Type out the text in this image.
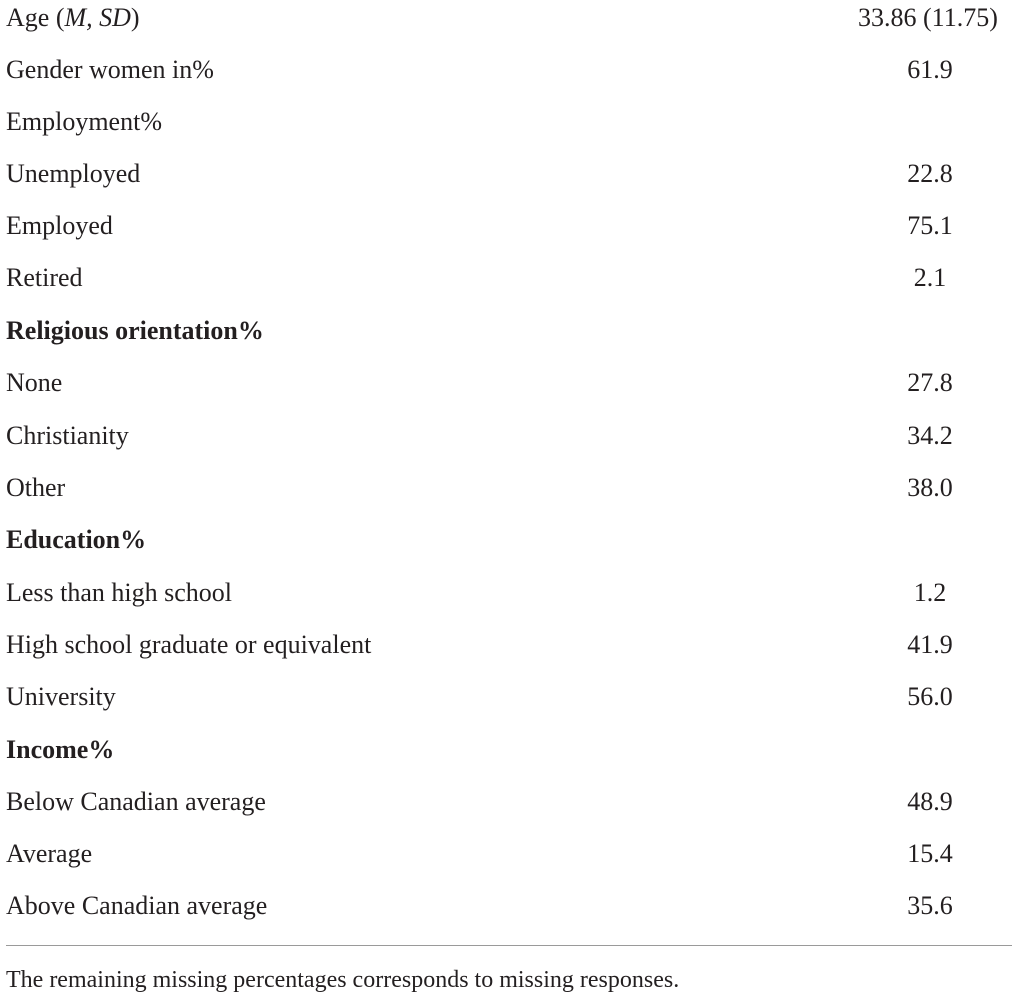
Age (M, SD)	33.86 (11.75)
Gender women in%	61.9
Employment%
Unemployed	22.8
Employed	75.1
Retired	2.1
Religious orientation%
None	27.8
Christianity	34.2
Other	38.0
Education%
Less than high school	1.2
High school graduate or equivalent	41.9
University	56.0
Income%
Below Canadian average	48.9
Average	15.4
Above Canadian average	35.6
The remaining missing percentages corresponds to missing responses.
